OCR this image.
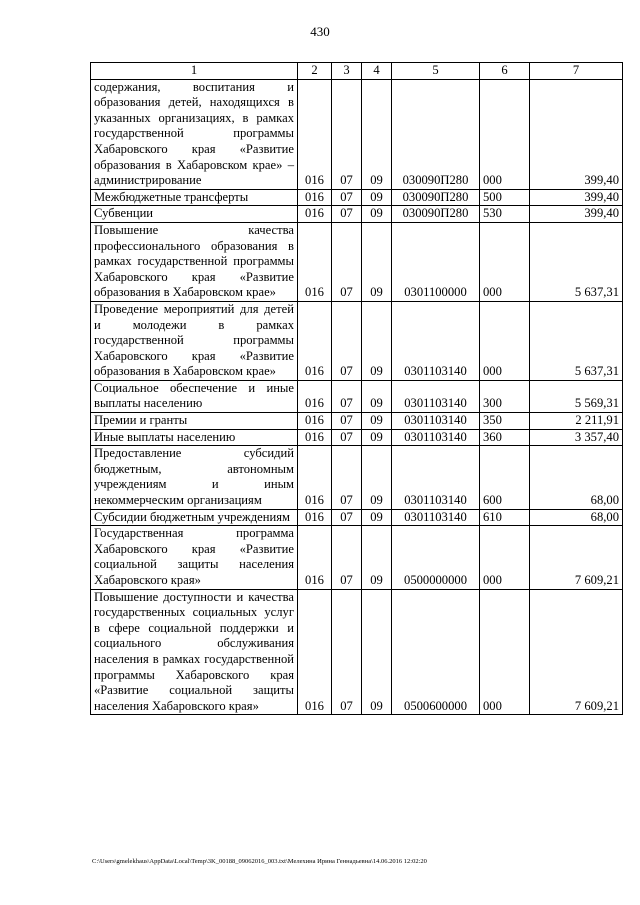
430
1	2	3	4	5	6	7
содержания, воспитания и образования детей, находящихся в указанных организациях, в рамках государственной программы Хабаровского края «Развитие образования в Хабаровском крае» – администрирование	016	07	09	030090П280	000	399,40
Межбюджетные трансферты	016	07	09	030090П280	500	399,40
Субвенции	016	07	09	030090П280	530	399,40
Повышение качества профессионального образования в рамках государственной программы Хабаровского края «Развитие образования в Хабаровском крае»	016	07	09	0301100000	000	5 637,31
Проведение мероприятий для детей и молодежи в рамках государственной программы Хабаровского края «Развитие образования в Хабаровском крае»	016	07	09	0301103140	000	5 637,31
Социальное обеспечение и иные выплаты населению	016	07	09	0301103140	300	5 569,31
Премии и гранты	016	07	09	0301103140	350	2 211,91
Иные выплаты населению	016	07	09	0301103140	360	3 357,40
Предоставление субсидий бюджетным, автономным учреждениям и иным некоммерческим организациям	016	07	09	0301103140	600	68,00
Субсидии бюджетным учреждениям	016	07	09	0301103140	610	68,00
Государственная программа Хабаровского края «Развитие социальной защиты населения Хабаровского края»	016	07	09	0500000000	000	7 609,21
Повышение доступности и качества государственных социальных услуг в сфере социальной поддержки и социального обслуживания населения в рамках государственной программы Хабаровского края «Развитие социальной защиты населения Хабаровского края»	016	07	09	0500600000	000	7 609,21
C:\Users\gmelekhaus\AppData\Local\Temp\3K_00188_09062016_003.txt\Мелехина Ирина Геннадьевна\14.06.2016 12:02:20
